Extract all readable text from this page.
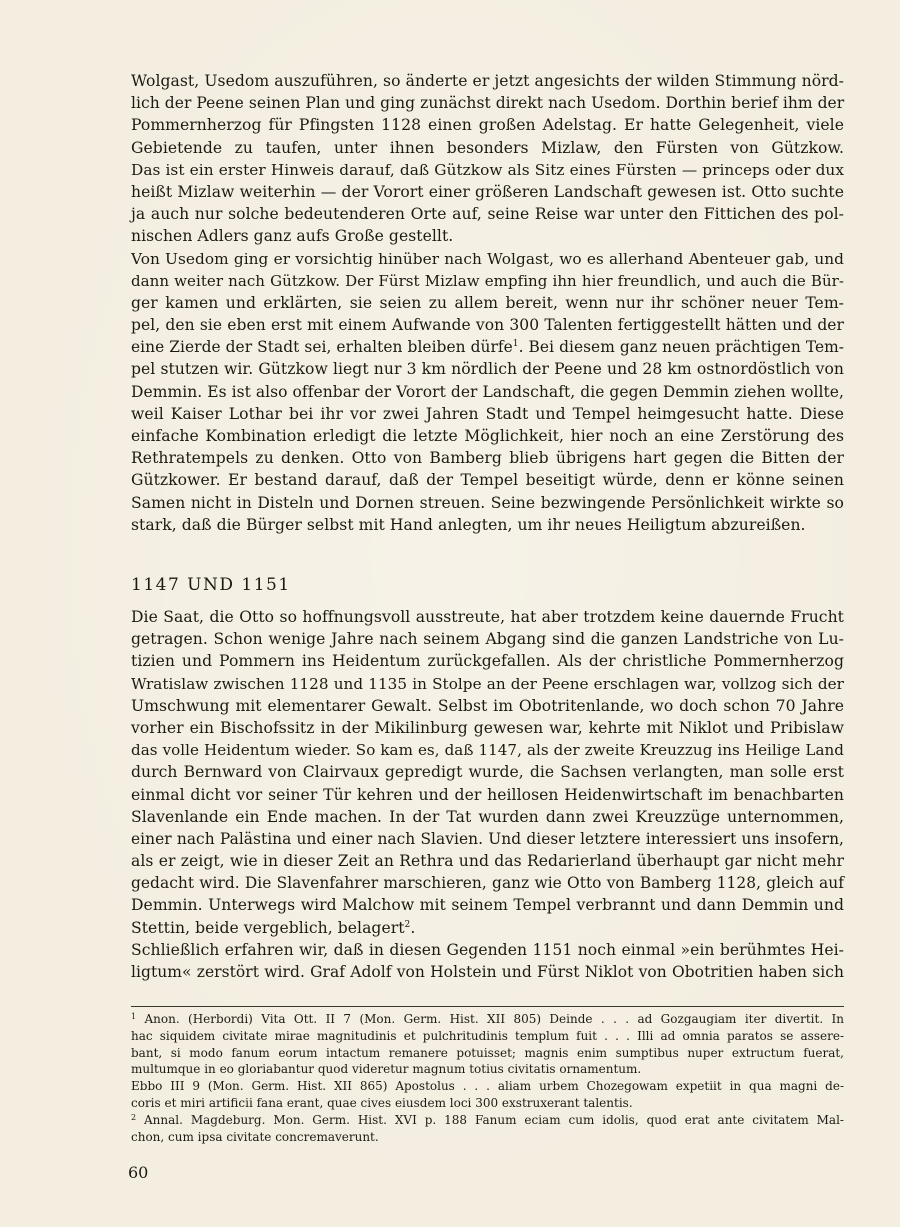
Wolgast, Usedom auszuführen, so änderte er jetzt angesichts der wilden Stimmung nörd-
lich der Peene seinen Plan und ging zunächst direkt nach Usedom. Dorthin berief ihm der
Pommernherzog für Pfingsten 1128 einen großen Adelstag. Er hatte Gelegenheit, viele
Gebietende zu taufen, unter ihnen besonders Mizlaw, den Fürsten von Gützkow.
Das ist ein erster Hinweis darauf, daß Gützkow als Sitz eines Fürsten — princeps oder dux
heißt Mizlaw weiterhin — der Vorort einer größeren Landschaft gewesen ist. Otto suchte
ja auch nur solche bedeutenderen Orte auf, seine Reise war unter den Fittichen des pol-
nischen Adlers ganz aufs Große gestellt.
Von Usedom ging er vorsichtig hinüber nach Wolgast, wo es allerhand Abenteuer gab, und
dann weiter nach Gützkow. Der Fürst Mizlaw empfing ihn hier freundlich, und auch die Bür-
ger kamen und erklärten, sie seien zu allem bereit, wenn nur ihr schöner neuer Tem-
pel, den sie eben erst mit einem Aufwande von 300 Talenten fertiggestellt hätten und der
eine Zierde der Stadt sei, erhalten bleiben dürfe$^1$. Bei diesem ganz neuen prächtigen Tem-
pel stutzen wir. Gützkow liegt nur 3 km nördlich der Peene und 28 km ostnordöstlich von
Demmin. Es ist also offenbar der Vorort der Landschaft, die gegen Demmin ziehen wollte,
weil Kaiser Lothar bei ihr vor zwei Jahren Stadt und Tempel heimgesucht hatte. Diese
einfache Kombination erledigt die letzte Möglichkeit, hier noch an eine Zerstörung des
Rethratempels zu denken. Otto von Bamberg blieb übrigens hart gegen die Bitten der
Gützkower. Er bestand darauf, daß der Tempel beseitigt würde, denn er könne seinen
Samen nicht in Disteln und Dornen streuen. Seine bezwingende Persönlichkeit wirkte so
stark, daß die Bürger selbst mit Hand anlegten, um ihr neues Heiligtum abzureißen.
1147 UND 1151
Die Saat, die Otto so hoffnungsvoll ausstreute, hat aber trotzdem keine dauernde Frucht
getragen. Schon wenige Jahre nach seinem Abgang sind die ganzen Landstriche von Lu-
tizien und Pommern ins Heidentum zurückgefallen. Als der christliche Pommernherzog
Wratislaw zwischen 1128 und 1135 in Stolpe an der Peene erschlagen war, vollzog sich der
Umschwung mit elementarer Gewalt. Selbst im Obotritenlande, wo doch schon 70 Jahre
vorher ein Bischofssitz in der Mikilinburg gewesen war, kehrte mit Niklot und Pribislaw
das volle Heidentum wieder. So kam es, daß 1147, als der zweite Kreuzzug ins Heilige Land
durch Bernward von Clairvaux gepredigt wurde, die Sachsen verlangten, man solle erst
einmal dicht vor seiner Tür kehren und der heillosen Heidenwirtschaft im benachbarten
Slavenlande ein Ende machen. In der Tat wurden dann zwei Kreuzzüge unternommen,
einer nach Palästina und einer nach Slavien. Und dieser letztere interessiert uns insofern,
als er zeigt, wie in dieser Zeit an Rethra und das Redarierland überhaupt gar nicht mehr
gedacht wird. Die Slavenfahrer marschieren, ganz wie Otto von Bamberg 1128, gleich auf
Demmin. Unterwegs wird Malchow mit seinem Tempel verbrannt und dann Demmin und
Stettin, beide vergeblich, belagert$^2$.
Schließlich erfahren wir, daß in diesen Gegenden 1151 noch einmal »ein berühmtes Hei-
ligtum« zerstört wird. Graf Adolf von Holstein und Fürst Niklot von Obotritien haben sich
$^1$ Anon. (Herbordi) Vita Ott. II 7 (Mon. Germ. Hist. XII 805) Deinde . . . ad Gozgaugiam iter divertit. In
hac siquidem civitate mirae magnitudinis et pulchritudinis templum fuit . . . Illi ad omnia paratos se assere-
bant, si modo fanum eorum intactum remanere potuisset; magnis enim sumptibus nuper extructum fuerat,
multumque in eo gloriabantur quod videretur magnum totius civitatis ornamentum.
Ebbo III 9 (Mon. Germ. Hist. XII 865) Apostolus . . . aliam urbem Chozegowam expetiit in qua magni de-
coris et miri artificii fana erant, quae cives eiusdem loci 300 exstruxerant talentis.
$^2$ Annal. Magdeburg. Mon. Germ. Hist. XVI p. 188 Fanum eciam cum idolis, quod erat ante civitatem Mal-
chon, cum ipsa civitate concremaverunt.
60
